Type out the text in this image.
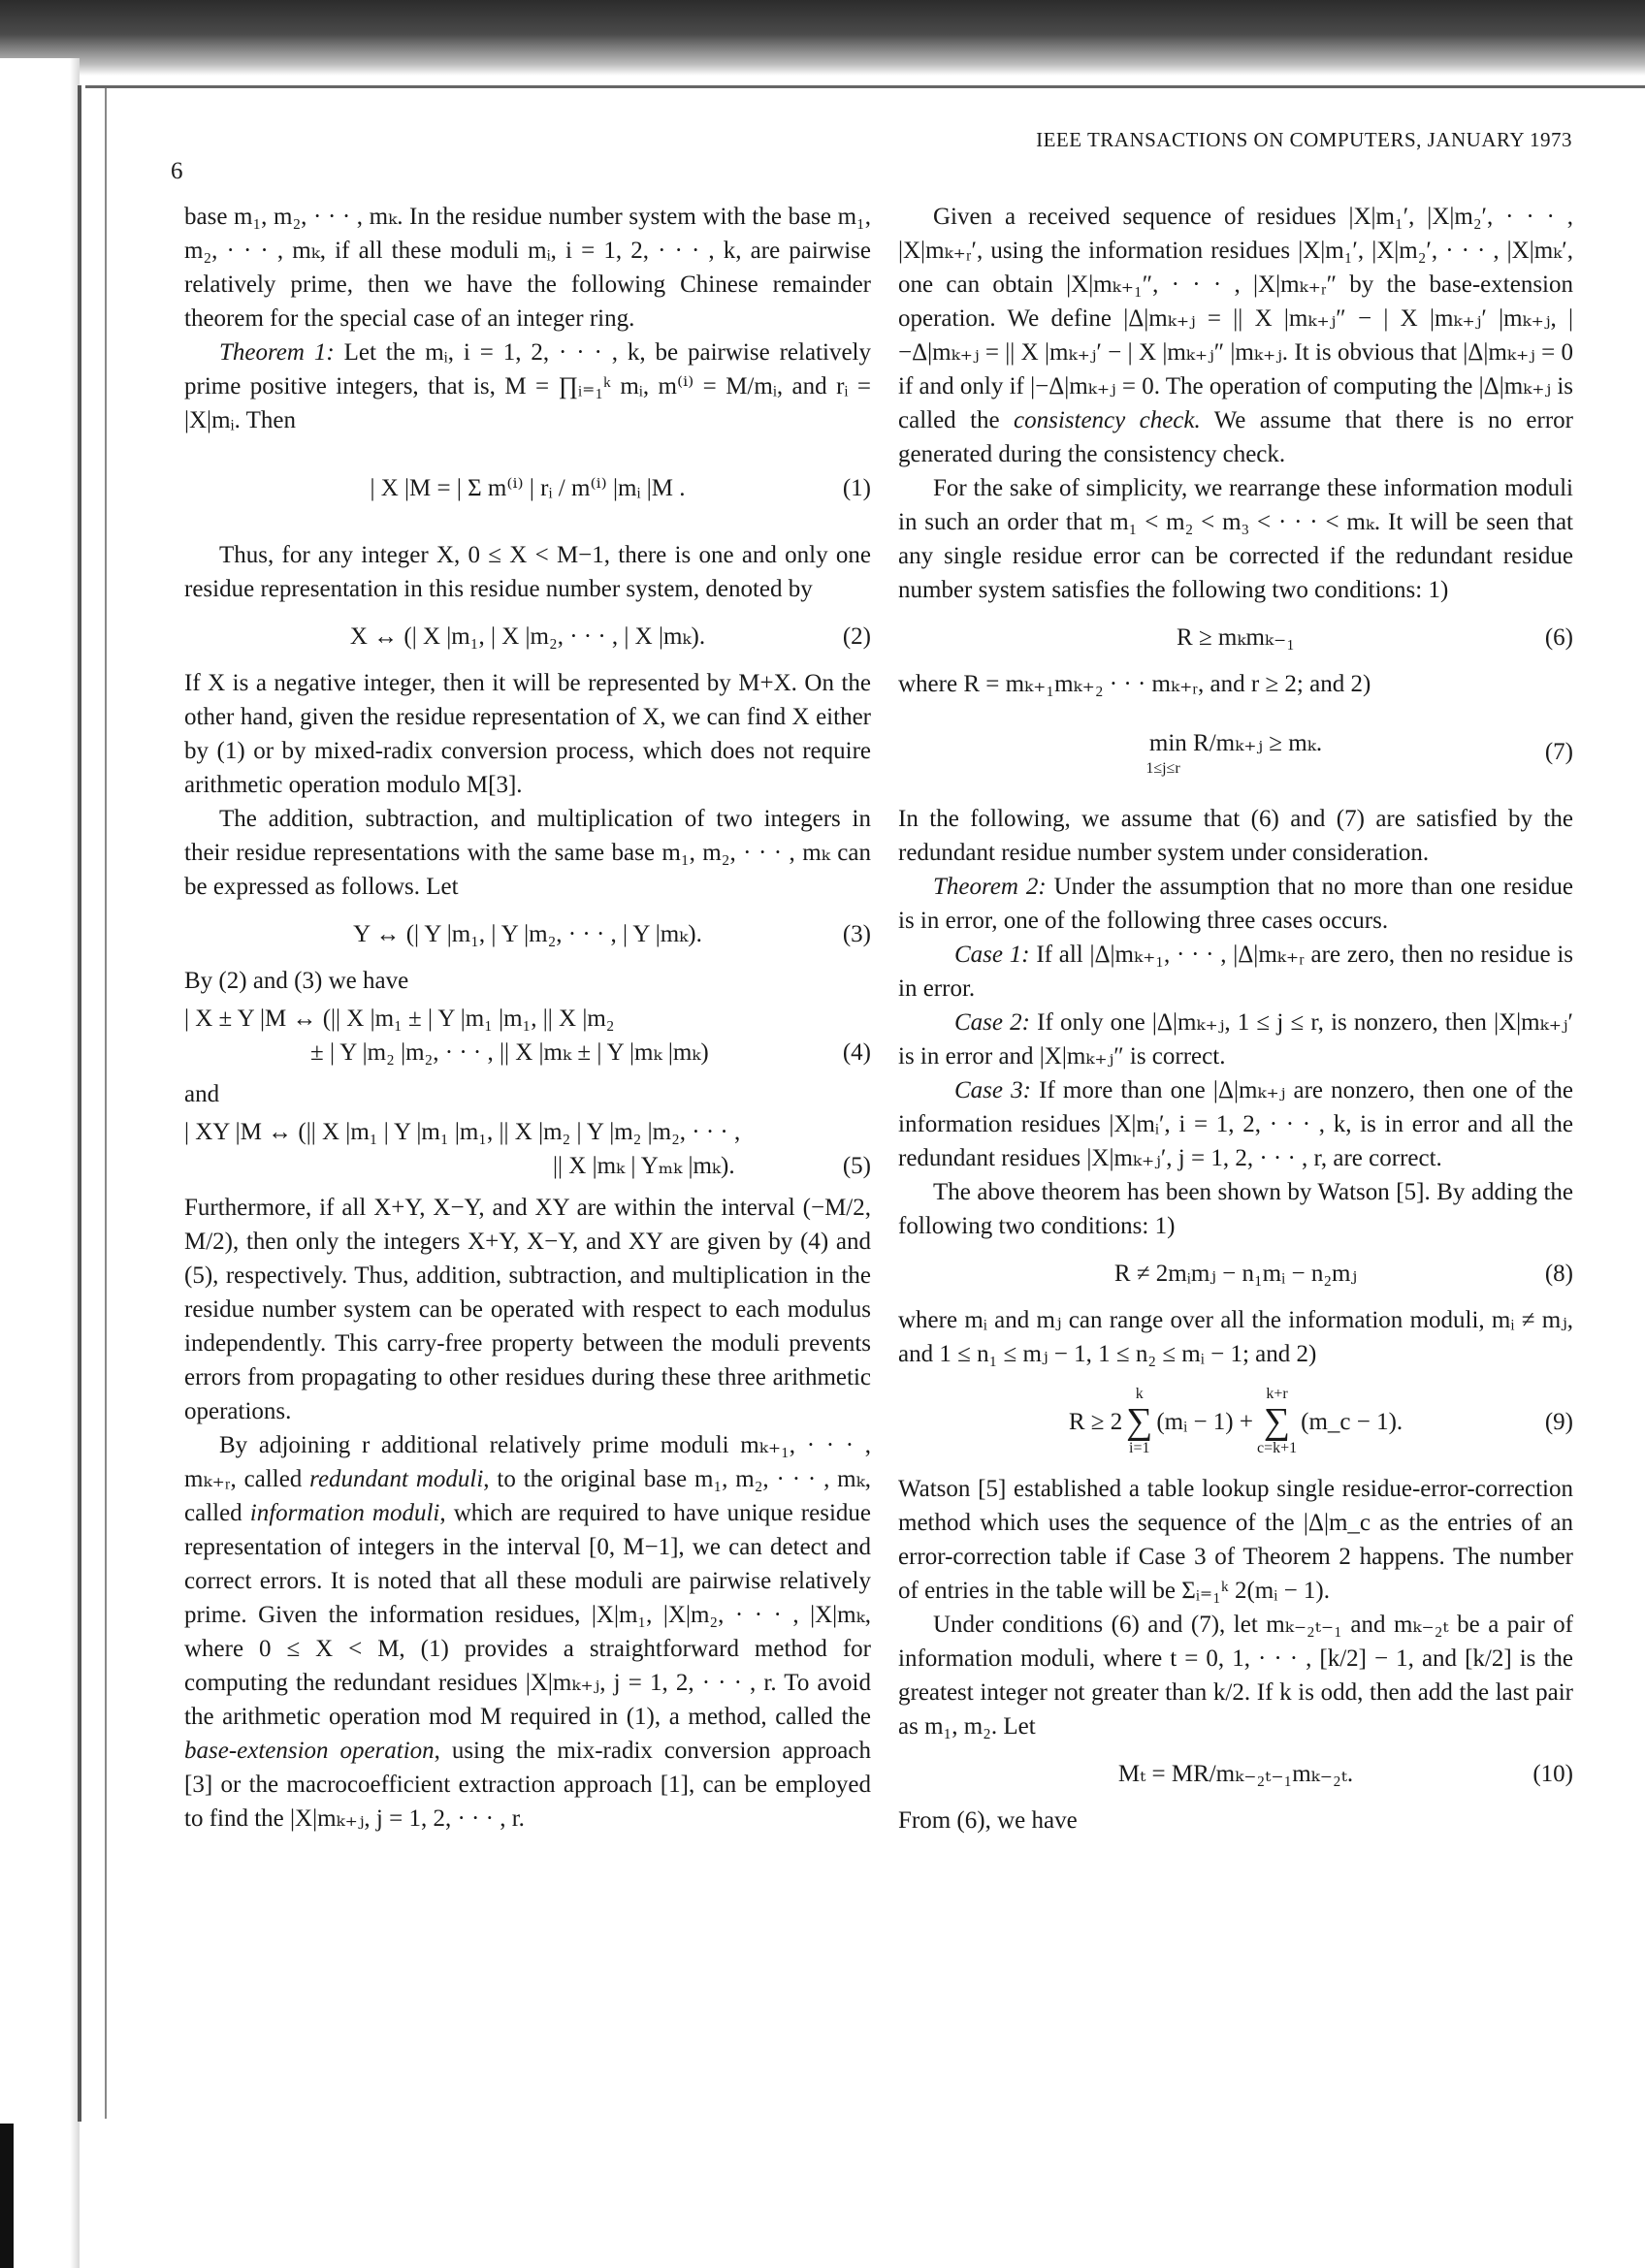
6
IEEE TRANSACTIONS ON COMPUTERS, JANUARY 1973

base m₁, m₂, · · · , mₖ. In the residue number system with the base m₁, m₂, · · · , mₖ, if all these moduli mᵢ, i = 1, 2, · · · , k, are pairwise relatively prime, then we have the following Chinese remainder theorem for the special case of an integer ring.

Theorem 1: Let the mᵢ, i = 1, 2, · · · , k, be pairwise relatively prime positive integers, that is, M = ∏ᵢ₌₁ᵏ mᵢ, m⁽ⁱ⁾ = M/mᵢ, and rᵢ = |X|mᵢ. Then

| X |M = | Σ m⁽ⁱ⁾ | rᵢ / m⁽ⁱ⁾ |mᵢ |M .	(1)

Thus, for any integer X, 0 ≤ X < M−1, there is one and only one residue representation in this residue number system, denoted by

X ↔ (| X |m₁, | X |m₂, · · · , | X |mₖ).	(2)

If X is a negative integer, then it will be represented by M+X. On the other hand, given the residue representation of X, we can find X either by (1) or by mixed-radix conversion process, which does not require arithmetic operation modulo M[3].

The addition, subtraction, and multiplication of two integers in their residue representations with the same base m₁, m₂, · · · , mₖ can be expressed as follows. Let

Y ↔ (| Y |m₁, | Y |m₂, · · · , | Y |mₖ).	(3)

By (2) and (3) we have

| X ± Y |M ↔ (|| X |m₁ ± | Y |m₁ |m₁, || X |m₂
± | Y |m₂ |m₂, · · · , || X |mₖ ± | Y |mₖ |mₖ)	(4)

and

| XY |M ↔ (|| X |m₁ | Y |m₁ |m₁, || X |m₂ | Y |m₂ |m₂, · · · ,
|| X |mₖ | Yₘₖ |mₖ).	(5)

Furthermore, if all X+Y, X−Y, and XY are within the interval (−M/2, M/2), then only the integers X+Y, X−Y, and XY are given by (4) and (5), respectively. Thus, addition, subtraction, and multiplication in the residue number system can be operated with respect to each modulus independently. This carry-free property between the moduli prevents errors from propagating to other residues during these three arithmetic operations.

By adjoining r additional relatively prime moduli mₖ₊₁, · · · , mₖ₊ᵣ, called redundant moduli, to the original base m₁, m₂, · · · , mₖ, called information moduli, which are required to have unique residue representation of integers in the interval [0, M−1], we can detect and correct errors. It is noted that all these moduli are pairwise relatively prime. Given the information residues, |X|m₁, |X|m₂, · · · , |X|mₖ, where 0 ≤ X < M, (1) provides a straightforward method for computing the redundant residues |X|mₖ₊ⱼ, j = 1, 2, · · · , r. To avoid the arithmetic operation mod M required in (1), a method, called the base-extension operation, using the mix-radix conversion approach [3] or the macrocoefficient extraction approach [1], can be employed to find the |X|mₖ₊ⱼ, j = 1, 2, · · · , r.

Given a received sequence of residues |X|m₁′, |X|m₂′, · · · , |X|mₖ₊ᵣ′, using the information residues |X|m₁′, |X|m₂′, · · · , |X|mₖ′, one can obtain |X|mₖ₊₁″, · · · , |X|mₖ₊ᵣ″ by the base-extension operation. We define |Δ|mₖ₊ⱼ = || X |mₖ₊ⱼ″ − | X |mₖ₊ⱼ′ |mₖ₊ⱼ, |−Δ|mₖ₊ⱼ = || X |mₖ₊ⱼ′ − | X |mₖ₊ⱼ″ |mₖ₊ⱼ. It is obvious that |Δ|mₖ₊ⱼ = 0 if and only if |−Δ|mₖ₊ⱼ = 0. The operation of computing the |Δ|mₖ₊ⱼ is called the consistency check. We assume that there is no error generated during the consistency check.

For the sake of simplicity, we rearrange these information moduli in such an order that m₁ < m₂ < m₃ < · · · < mₖ. It will be seen that any single residue error can be corrected if the redundant residue number system satisfies the following two conditions: 1)

R ≥ mₖmₖ₋₁	(6)

where R = mₖ₊₁mₖ₊₂ · · · mₖ₊ᵣ, and r ≥ 2; and 2)

min R/mₖ₊ⱼ ≥ mₖ.
1≤j≤r
(7)

In the following, we assume that (6) and (7) are satisfied by the redundant residue number system under consideration.

Theorem 2: Under the assumption that no more than one residue is in error, one of the following three cases occurs.

Case 1: If all |Δ|mₖ₊₁, · · · , |Δ|mₖ₊ᵣ are zero, then no residue is in error.

Case 2: If only one |Δ|mₖ₊ⱼ, 1 ≤ j ≤ r, is nonzero, then |X|mₖ₊ⱼ′ is in error and |X|mₖ₊ⱼ″ is correct.

Case 3: If more than one |Δ|mₖ₊ⱼ are nonzero, then one of the information residues |X|mᵢ′, i = 1, 2, · · · , k, is in error and all the redundant residues |X|mₖ₊ⱼ′, j = 1, 2, · · · , r, are correct.

The above theorem has been shown by Watson [5]. By adding the following two conditions: 1)

R ≠ 2mᵢmⱼ − n₁mᵢ − n₂mⱼ	(8)

where mᵢ and mⱼ can range over all the information moduli, mᵢ ≠ mⱼ, and 1 ≤ n₁ ≤ mⱼ − 1, 1 ≤ n₂ ≤ mᵢ − 1; and 2)

R ≥ 2
k
∑
i=1
(mᵢ − 1) +
k+r
∑
c=k+1
(m_c − 1).	(9)

Watson [5] established a table lookup single residue-error-correction method which uses the sequence of the |Δ|m_c as the entries of an error-correction table if Case 3 of Theorem 2 happens. The number of entries in the table will be Σᵢ₌₁ᵏ 2(mᵢ − 1).

Under conditions (6) and (7), let mₖ₋₂ₜ₋₁ and mₖ₋₂ₜ be a pair of information moduli, where t = 0, 1, · · · , [k/2] − 1, and [k/2] is the greatest integer not greater than k/2. If k is odd, then add the last pair as m₁, m₂. Let

Mₜ = MR/mₖ₋₂ₜ₋₁mₖ₋₂ₜ.	(10)

From (6), we have
